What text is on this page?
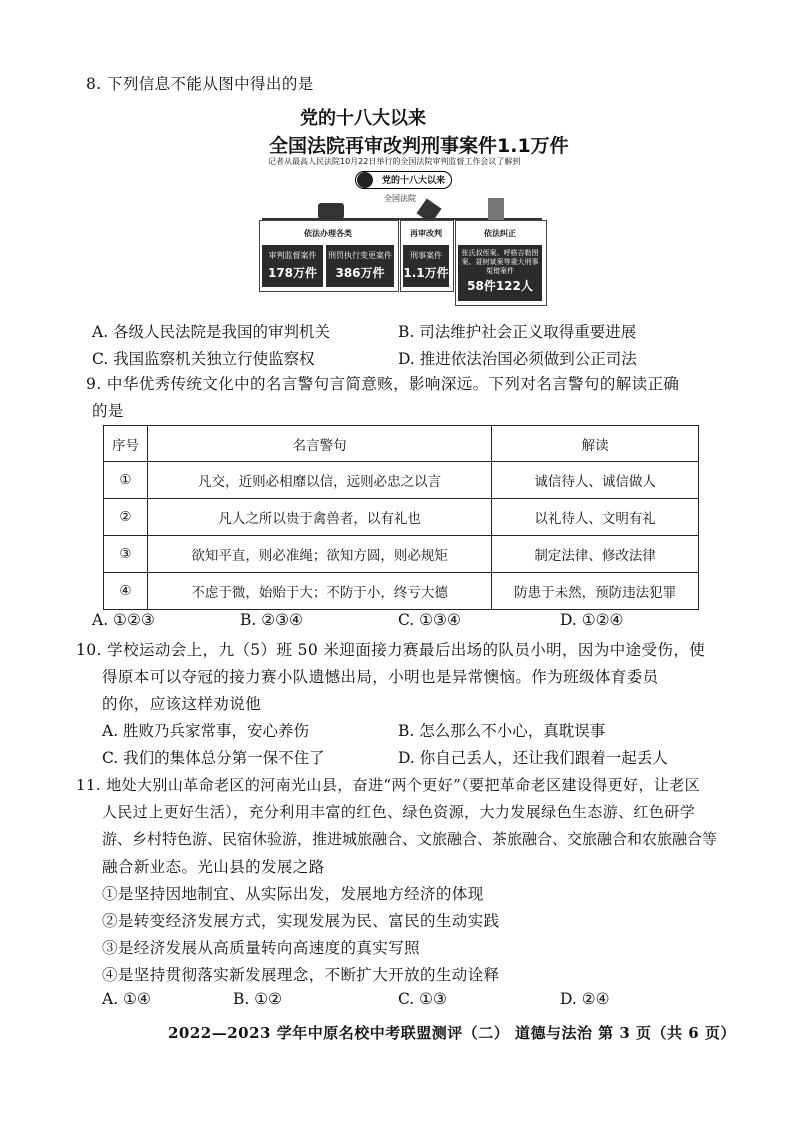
8. 下列信息不能从图中得出的是
党的十八大以来
全国法院再审改判刑事案件1.1万件
记者从最高人民法院10月22日举行的全国法院审判监督工作会议了解到
党的十八大以来
全国法院
依法办理各类
审判监督案件
178万件
刑罚执行变更案件
386万件
再审改判
刑事案件
1.1万件
依法纠正
张氏叔侄案、呼格吉勒图案、聂树斌案等重大刑事冤错案件
58件122人
A. 各级人民法院是我国的审判机关	B. 司法维护社会正义取得重要进展
C. 我国监察机关独立行使监察权	D. 推进依法治国必须做到公正司法
9. 中华优秀传统文化中的名言警句言简意赅，影响深远。下列对名言警句的解读正确
的是
序号	名言警句	解读
①	凡交，近则必相靡以信，远则必忠之以言	诚信待人、诚信做人
②	凡人之所以贵于禽兽者，以有礼也	以礼待人、文明有礼
③	欲知平直，则必准绳；欲知方圆，则必规矩	制定法律、修改法律
④	不虑于微，始贻于大；不防于小，终亏大德	防患于未然，预防违法犯罪
A. ①②③	B. ②③④	C. ①③④	D. ①②④
10. 学校运动会上，九（5）班 50 米迎面接力赛最后出场的队员小明，因为中途受伤，使
得原本可以夺冠的接力赛小队遗憾出局，小明也是异常懊恼。作为班级体育委员
的你，应该这样劝说他
A. 胜败乃兵家常事，安心养伤	B. 怎么那么不小心，真耽误事
C. 我们的集体总分第一保不住了	D. 你自己丢人，还让我们跟着一起丢人
11. 地处大别山革命老区的河南光山县，奋进“两个更好”（要把革命老区建设得更好，让老区
人民过上更好生活），充分利用丰富的红色、绿色资源，大力发展绿色生态游、红色研学
游、乡村特色游、民宿休验游，推进城旅融合、文旅融合、茶旅融合、交旅融合和农旅融合等
融合新业态。光山县的发展之路
①是坚持因地制宜、从实际出发，发展地方经济的体现
②是转变经济发展方式，实现发展为民、富民的生动实践
③是经济发展从高质量转向高速度的真实写照
④是坚持贯彻落实新发展理念，不断扩大开放的生动诠释
A. ①④	B. ①②	C. ①③	D. ②④
2022—2023 学年中原名校中考联盟测评（二） 道德与法治 第 3 页（共 6 页）
